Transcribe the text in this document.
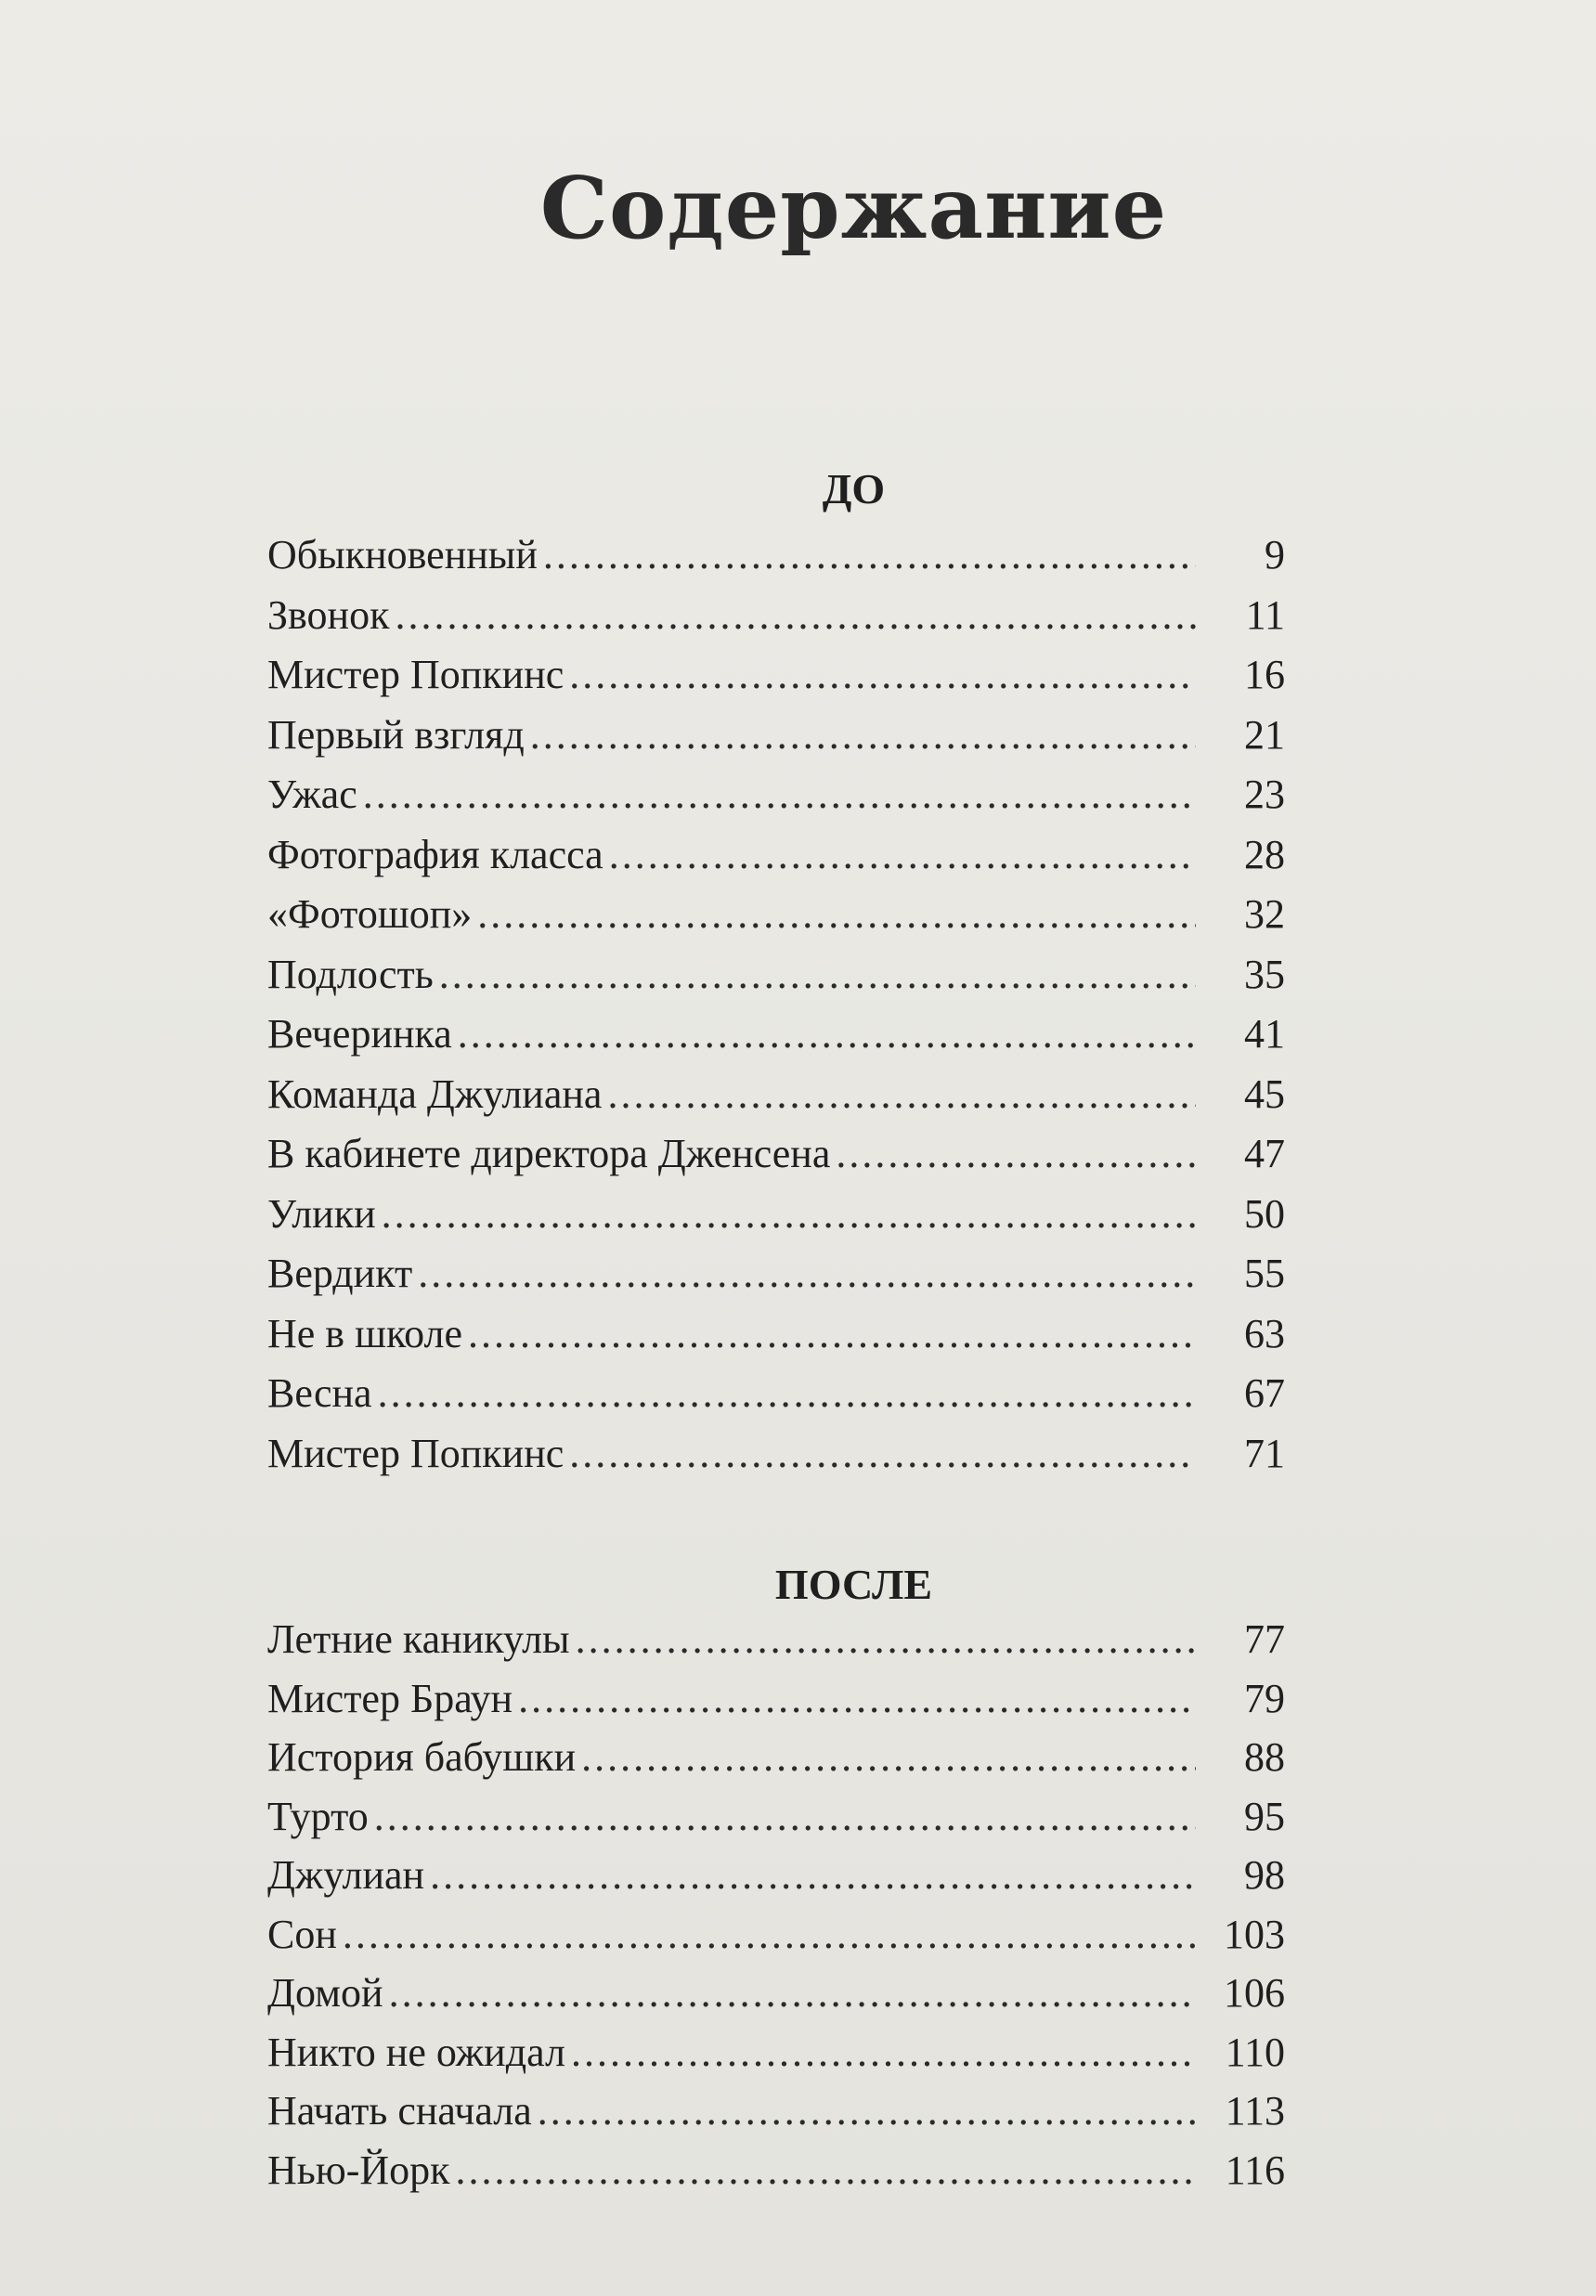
Содержание
ДО
Обыкновенный .....	9
Звонок .....	11
Мистер Попкинс .....	16
Первый взгляд .....	21
Ужас .....	23
Фотография класса .....	28
«Фотошоп» .....	32
Подлость .....	35
Вечеринка .....	41
Команда Джулиана .....	45
В кабинете директора Дженсена .....	47
Улики .....	50
Вердикт .....	55
Не в школе .....	63
Весна .....	67
Мистер Попкинс .....	71
ПОСЛЕ
Летние каникулы .....	77
Мистер Браун .....	79
История бабушки .....	88
Турто .....	95
Джулиан .....	98
Сон .....	103
Домой .....	106
Никто не ожидал .....	110
Начать сначала .....	113
Нью-Йорк .....	116
